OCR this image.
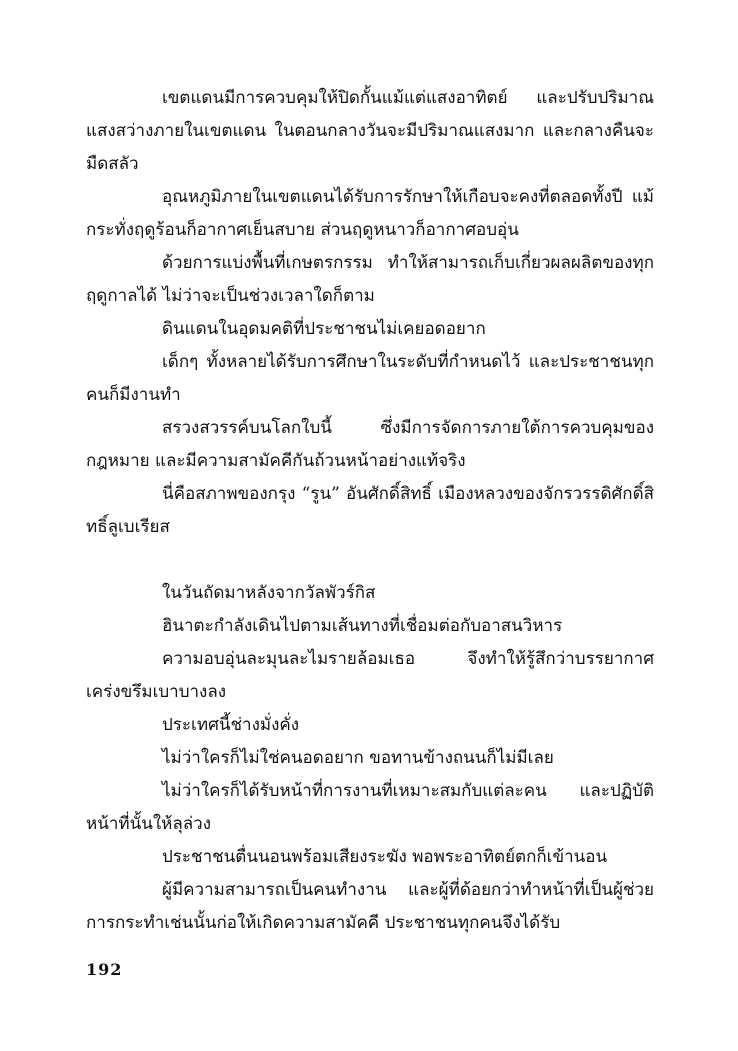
เขตแดนมีการควบคุมให้ปิดกั้นแม้แต่แสงอาทิตย์ และปรับปริมาณแสงสว่างภายในเขตแดน ในตอนกลางวันจะมีปริมาณแสงมาก และกลางคืนจะมืดสลัว

อุณหภูมิภายในเขตแดนได้รับการรักษาให้เกือบจะคงที่ตลอดทั้งปี แม้กระทั่งฤดูร้อนก็อากาศเย็นสบาย ส่วนฤดูหนาวก็อากาศอบอุ่น

ด้วยการแบ่งพื้นที่เกษตรกรรม ทำให้สามารถเก็บเกี่ยวผลผลิตของทุกฤดูกาลได้ ไม่ว่าจะเป็นช่วงเวลาใดก็ตาม

ดินแดนในอุดมคติที่ประชาชนไม่เคยอดอยาก

เด็กๆ ทั้งหลายได้รับการศึกษาในระดับที่กำหนดไว้ และประชาชนทุกคนก็มีงานทำ

สรวงสวรรค์บนโลกใบนี้ ซึ่งมีการจัดการภายใต้การควบคุมของกฎหมาย และมีความสามัคคีกันถ้วนหน้าอย่างแท้จริง

นี่คือสภาพของกรุง “รูน” อันศักดิ์สิทธิ์ เมืองหลวงของจักรวรรดิศักดิ์สิทธิ์ลูเบเรียส

ในวันถัดมาหลังจากวัลพัวร์กิส

ฮินาตะกำลังเดินไปตามเส้นทางที่เชื่อมต่อกับอาสนวิหาร

ความอบอุ่นละมุนละไมรายล้อมเธอ จึงทำให้รู้สึกว่าบรรยากาศเคร่งขรึมเบาบางลง

ประเทศนี้ช่างมั่งคั่ง

ไม่ว่าใครก็ไม่ใช่คนอดอยาก ขอทานข้างถนนก็ไม่มีเลย

ไม่ว่าใครก็ได้รับหน้าที่การงานที่เหมาะสมกับแต่ละคน และปฏิบัติหน้าที่นั้นให้ลุล่วง

ประชาชนตื่นนอนพร้อมเสียงระฆัง พอพระอาทิตย์ตกก็เข้านอน

ผู้มีความสามารถเป็นคนทำงาน และผู้ที่ด้อยกว่าทำหน้าที่เป็นผู้ช่วย การกระทำเช่นนั้นก่อให้เกิดความสามัคคี ประชาชนทุกคนจึงได้รับ

192
